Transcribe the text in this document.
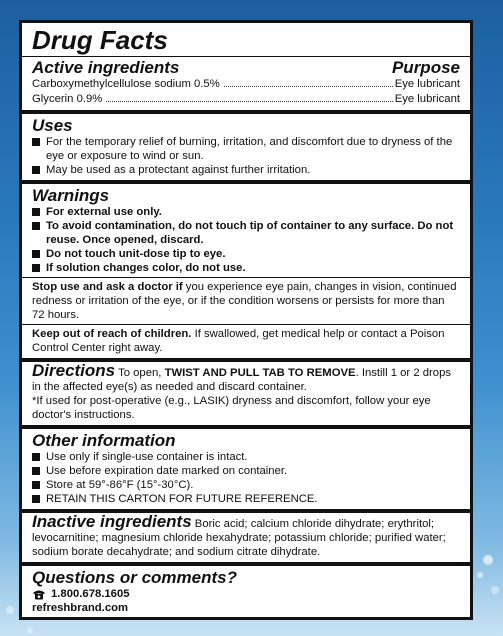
Drug Facts
Active ingredients	Purpose
Carboxymethylcellulose sodium 0.5%	Eye lubricant
Glycerin 0.9%	Eye lubricant
Uses
For the temporary relief of burning, irritation, and discomfort due to dryness of the eye or exposure to wind or sun.
May be used as a protectant against further irritation.
Warnings
For external use only.
To avoid contamination, do not touch tip of container to any surface. Do not reuse. Once opened, discard.
Do not touch unit-dose tip to eye.
If solution changes color, do not use.
Stop use and ask a doctor if you experience eye pain, changes in vision, continued redness or irritation of the eye, or if the condition worsens or persists for more than 72 hours.
Keep out of reach of children. If swallowed, get medical help or contact a Poison Control Center right away.
Directions To open, TWIST AND PULL TAB TO REMOVE. Instill 1 or 2 drops in the affected eye(s) as needed and discard container.
*If used for post-operative (e.g., LASIK) dryness and discomfort, follow your eye doctor's instructions.
Other information
Use only if single-use container is intact.
Use before expiration date marked on container.
Store at 59°-86°F (15°-30°C).
RETAIN THIS CARTON FOR FUTURE REFERENCE.
Inactive ingredients Boric acid; calcium chloride dihydrate; erythritol; levocarnitine; magnesium chloride hexahydrate; potassium chloride; purified water; sodium borate decahydrate; and sodium citrate dihydrate.
Questions or comments?
1.800.678.1605
refreshbrand.com
